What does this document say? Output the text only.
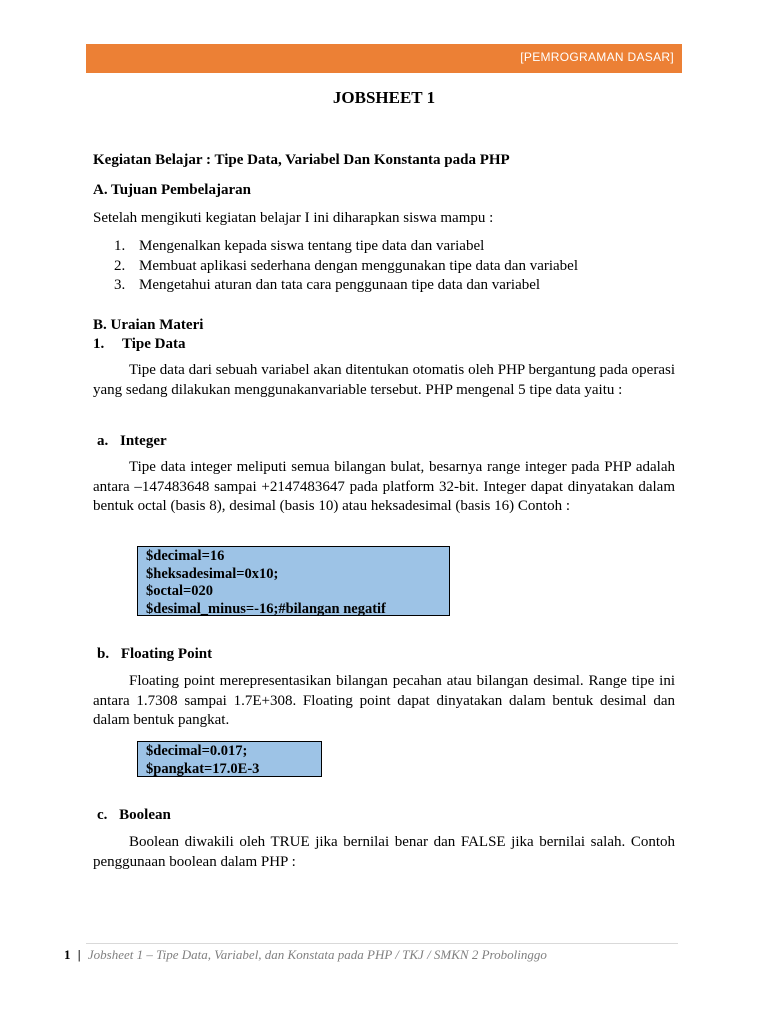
[PEMROGRAMAN DASAR]
JOBSHEET 1
Kegiatan Belajar : Tipe Data, Variabel Dan Konstanta pada PHP
A. Tujuan Pembelajaran
Setelah mengikuti kegiatan belajar I ini diharapkan siswa mampu :
1. Mengenalkan kepada siswa tentang tipe data dan variabel
2. Membuat aplikasi sederhana dengan menggunakan tipe data dan variabel
3. Mengetahui aturan dan tata cara penggunaan tipe data dan variabel
B. Uraian Materi
1. Tipe Data
Tipe data dari sebuah variabel akan ditentukan otomatis oleh PHP bergantung pada operasi yang sedang dilakukan menggunakanvariable tersebut. PHP mengenal 5 tipe data yaitu :
a. Integer
Tipe data integer meliputi semua bilangan bulat, besarnya range integer pada PHP adalah antara –147483648 sampai +2147483647 pada platform 32-bit. Integer dapat dinyatakan dalam bentuk octal (basis 8), desimal (basis 10) atau heksadesimal (basis 16) Contoh :
$decimal=16
$heksadesimal=0x10;
$octal=020
$desimal_minus=-16;#bilangan negatif
b. Floating Point
Floating point merepresentasikan bilangan pecahan atau bilangan desimal. Range tipe ini antara 1.7308 sampai 1.7E+308. Floating point dapat dinyatakan dalam bentuk desimal dan dalam bentuk pangkat.
$decimal=0.017;
$pangkat=17.0E-3
c. Boolean
Boolean diwakili oleh TRUE jika bernilai benar dan FALSE jika bernilai salah. Contoh penggunaan boolean dalam PHP :
1 | Jobsheet 1 – Tipe Data, Variabel, dan Konstata pada PHP / TKJ / SMKN 2 Probolinggo
